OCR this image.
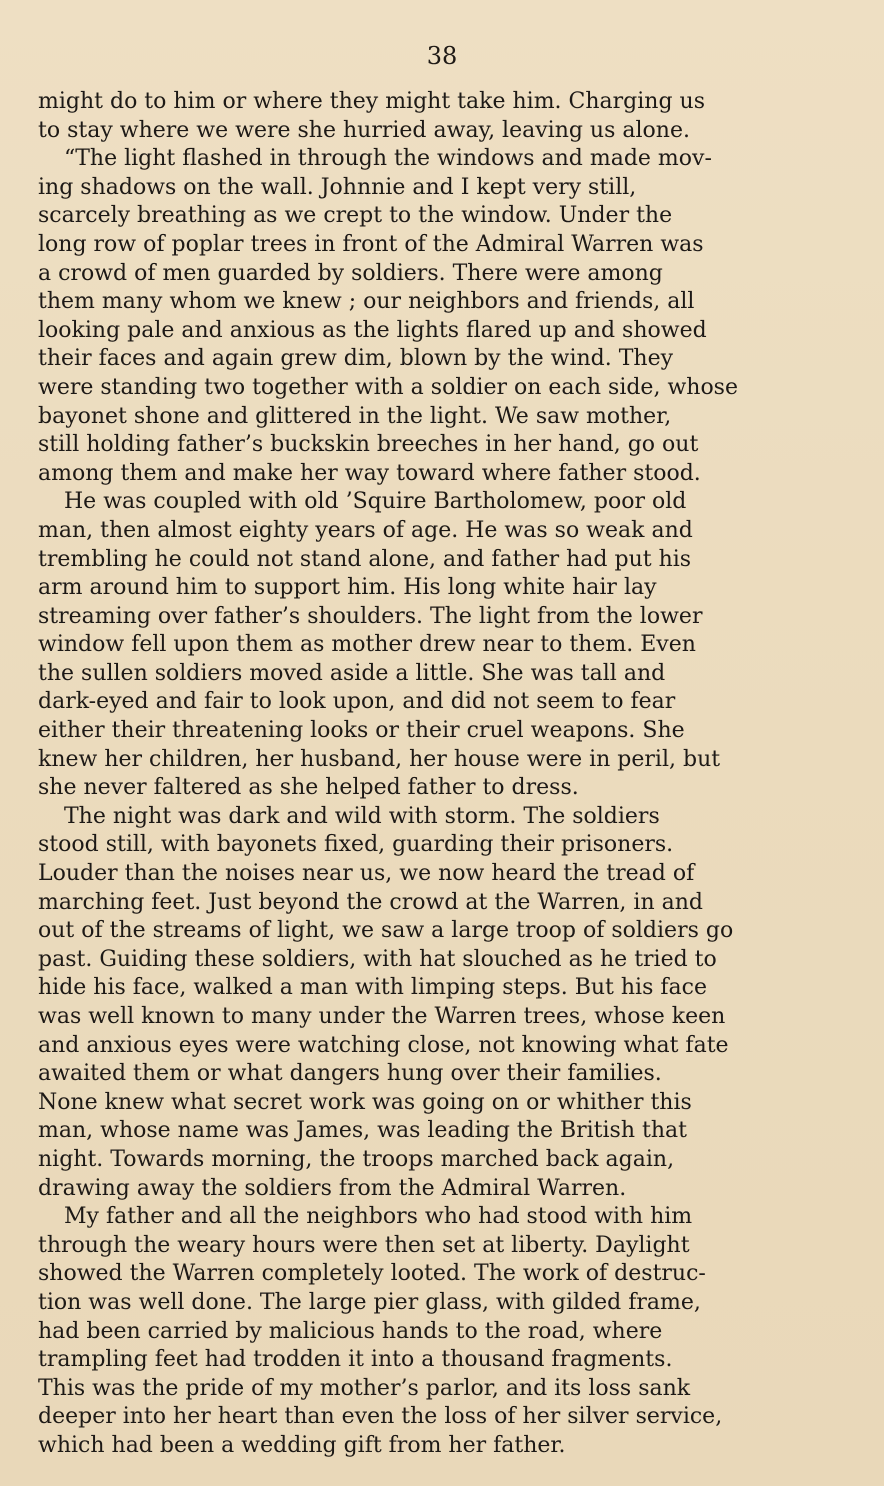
38
might do to him or where they might take him. Charging us
to stay where we were she hurried away, leaving us alone.
“The light flashed in through the windows and made mov-
ing shadows on the wall. Johnnie and I kept very still,
scarcely breathing as we crept to the window. Under the
long row of poplar trees in front of the Admiral Warren was
a crowd of men guarded by soldiers. There were among
them many whom we knew ; our neighbors and friends, all
looking pale and anxious as the lights flared up and showed
their faces and again grew dim, blown by the wind. They
were standing two together with a soldier on each side, whose
bayonet shone and glittered in the light. We saw mother,
still holding father’s buckskin breeches in her hand, go out
among them and make her way toward where father stood.
He was coupled with old ’Squire Bartholomew, poor old
man, then almost eighty years of age. He was so weak and
trembling he could not stand alone, and father had put his
arm around him to support him. His long white hair lay
streaming over father’s shoulders. The light from the lower
window fell upon them as mother drew near to them. Even
the sullen soldiers moved aside a little. She was tall and
dark-eyed and fair to look upon, and did not seem to fear
either their threatening looks or their cruel weapons. She
knew her children, her husband, her house were in peril, but
she never faltered as she helped father to dress.
The night was dark and wild with storm. The soldiers
stood still, with bayonets fixed, guarding their prisoners.
Louder than the noises near us, we now heard the tread of
marching feet. Just beyond the crowd at the Warren, in and
out of the streams of light, we saw a large troop of soldiers go
past. Guiding these soldiers, with hat slouched as he tried to
hide his face, walked a man with limping steps. But his face
was well known to many under the Warren trees, whose keen
and anxious eyes were watching close, not knowing what fate
awaited them or what dangers hung over their families.
None knew what secret work was going on or whither this
man, whose name was James, was leading the British that
night. Towards morning, the troops marched back again,
drawing away the soldiers from the Admiral Warren.
My father and all the neighbors who had stood with him
through the weary hours were then set at liberty. Daylight
showed the Warren completely looted. The work of destruc-
tion was well done. The large pier glass, with gilded frame,
had been carried by malicious hands to the road, where
trampling feet had trodden it into a thousand fragments.
This was the pride of my mother’s parlor, and its loss sank
deeper into her heart than even the loss of her silver service,
which had been a wedding gift from her father.
